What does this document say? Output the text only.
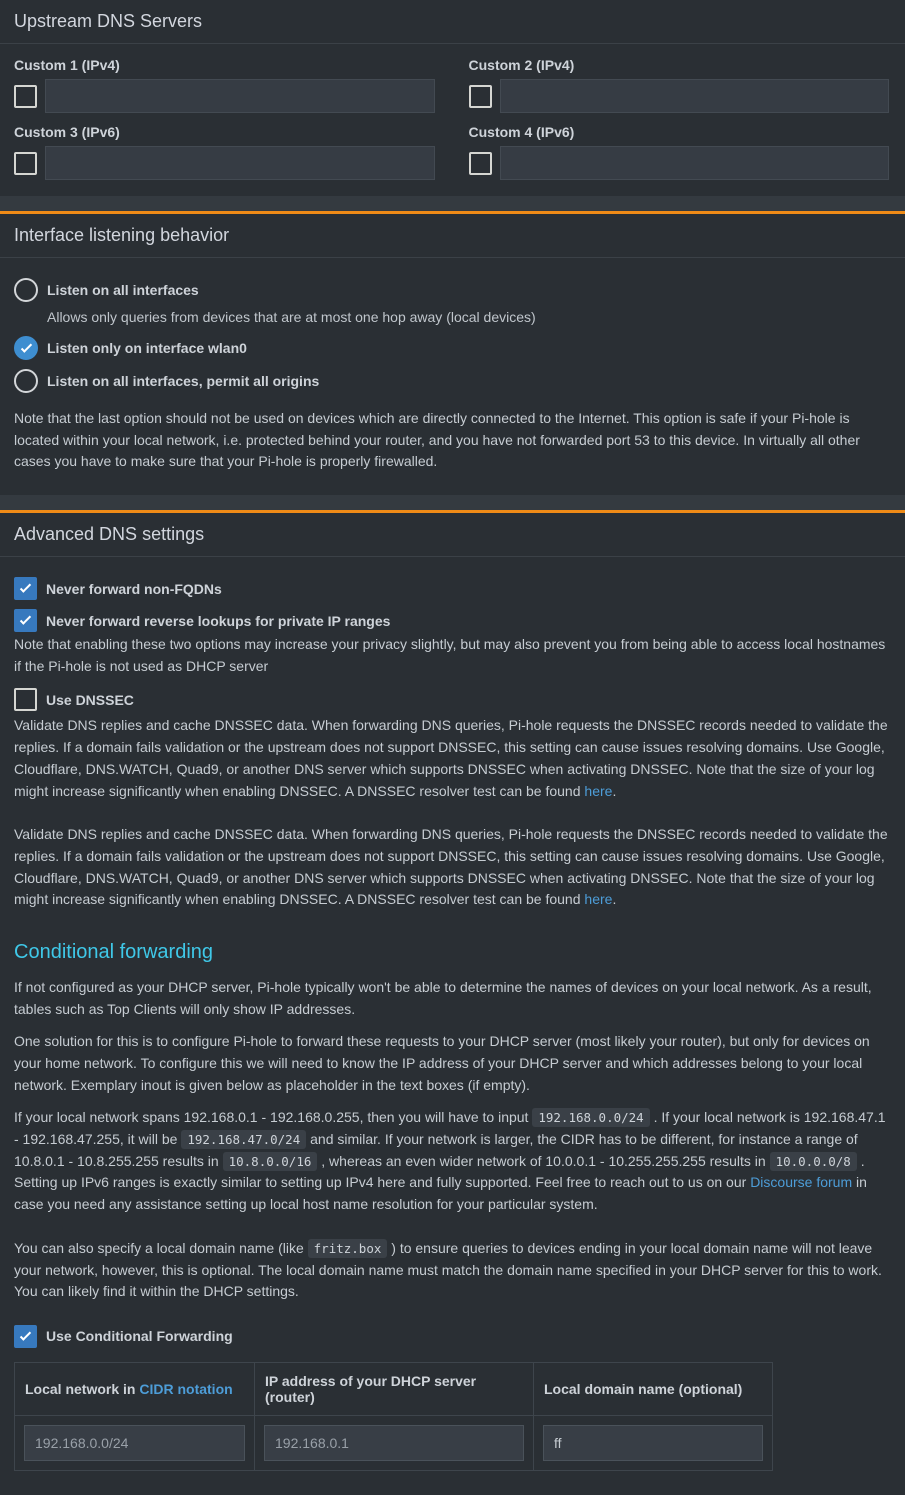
Upstream DNS Servers
Custom 1 (IPv4)	Custom 2 (IPv4)
Custom 3 (IPv6)	Custom 4 (IPv6)
Interface listening behavior
Listen on all interfaces
Allows only queries from devices that are at most one hop away (local devices)
Listen only on interface wlan0
Listen on all interfaces, permit all origins

Note that the last option should not be used on devices which are directly connected to the Internet. This option is safe if your Pi-hole is located within your local network, i.e. protected behind your router, and you have not forwarded port 53 to this device. In virtually all other cases you have to make sure that your Pi-hole is properly firewalled.

Advanced DNS settings
Never forward non-FQDNs
Never forward reverse lookups for private IP ranges

Note that enabling these two options may increase your privacy slightly, but may also prevent you from being able to access local hostnames if the Pi-hole is not used as DHCP server

Use DNSSEC

Validate DNS replies and cache DNSSEC data. When forwarding DNS queries, Pi-hole requests the DNSSEC records needed to validate the replies. If a domain fails validation or the upstream does not support DNSSEC, this setting can cause issues resolving domains. Use Google, Cloudflare, DNS.WATCH, Quad9, or another DNS server which supports DNSSEC when activating DNSSEC. Note that the size of your log might increase significantly when enabling DNSSEC. A DNSSEC resolver test can be found here.

Validate DNS replies and cache DNSSEC data. When forwarding DNS queries, Pi-hole requests the DNSSEC records needed to validate the replies. If a domain fails validation or the upstream does not support DNSSEC, this setting can cause issues resolving domains. Use Google, Cloudflare, DNS.WATCH, Quad9, or another DNS server which supports DNSSEC when activating DNSSEC. Note that the size of your log might increase significantly when enabling DNSSEC. A DNSSEC resolver test can be found here.

Conditional forwarding

If not configured as your DHCP server, Pi-hole typically won't be able to determine the names of devices on your local network. As a result, tables such as Top Clients will only show IP addresses.

One solution for this is to configure Pi-hole to forward these requests to your DHCP server (most likely your router), but only for devices on your home network. To configure this we will need to know the IP address of your DHCP server and which addresses belong to your local network. Exemplary inout is given below as placeholder in the text boxes (if empty).

If your local network spans 192.168.0.1 - 192.168.0.255, then you will have to input 192.168.0.0/24 . If your local network is 192.168.47.1 - 192.168.47.255, it will be 192.168.47.0/24 and similar. If your network is larger, the CIDR has to be different, for instance a range of 10.8.0.1 - 10.8.255.255 results in 10.8.0.0/16 , whereas an even wider network of 10.0.0.1 - 10.255.255.255 results in 10.0.0.0/8 . Setting up IPv6 ranges is exactly similar to setting up IPv4 here and fully supported. Feel free to reach out to us on our Discourse forum in case you need any assistance setting up local host name resolution for your particular system.

You can also specify a local domain name (like fritz.box ) to ensure queries to devices ending in your local domain name will not leave your network, however, this is optional. The local domain name must match the domain name specified in your DHCP server for this to work. You can likely find it within the DHCP settings.

Use Conditional Forwarding
Local network in CIDR notation	IP address of your DHCP server (router)	Local domain name (optional)
192.168.0.0/24	192.168.0.1	ff
